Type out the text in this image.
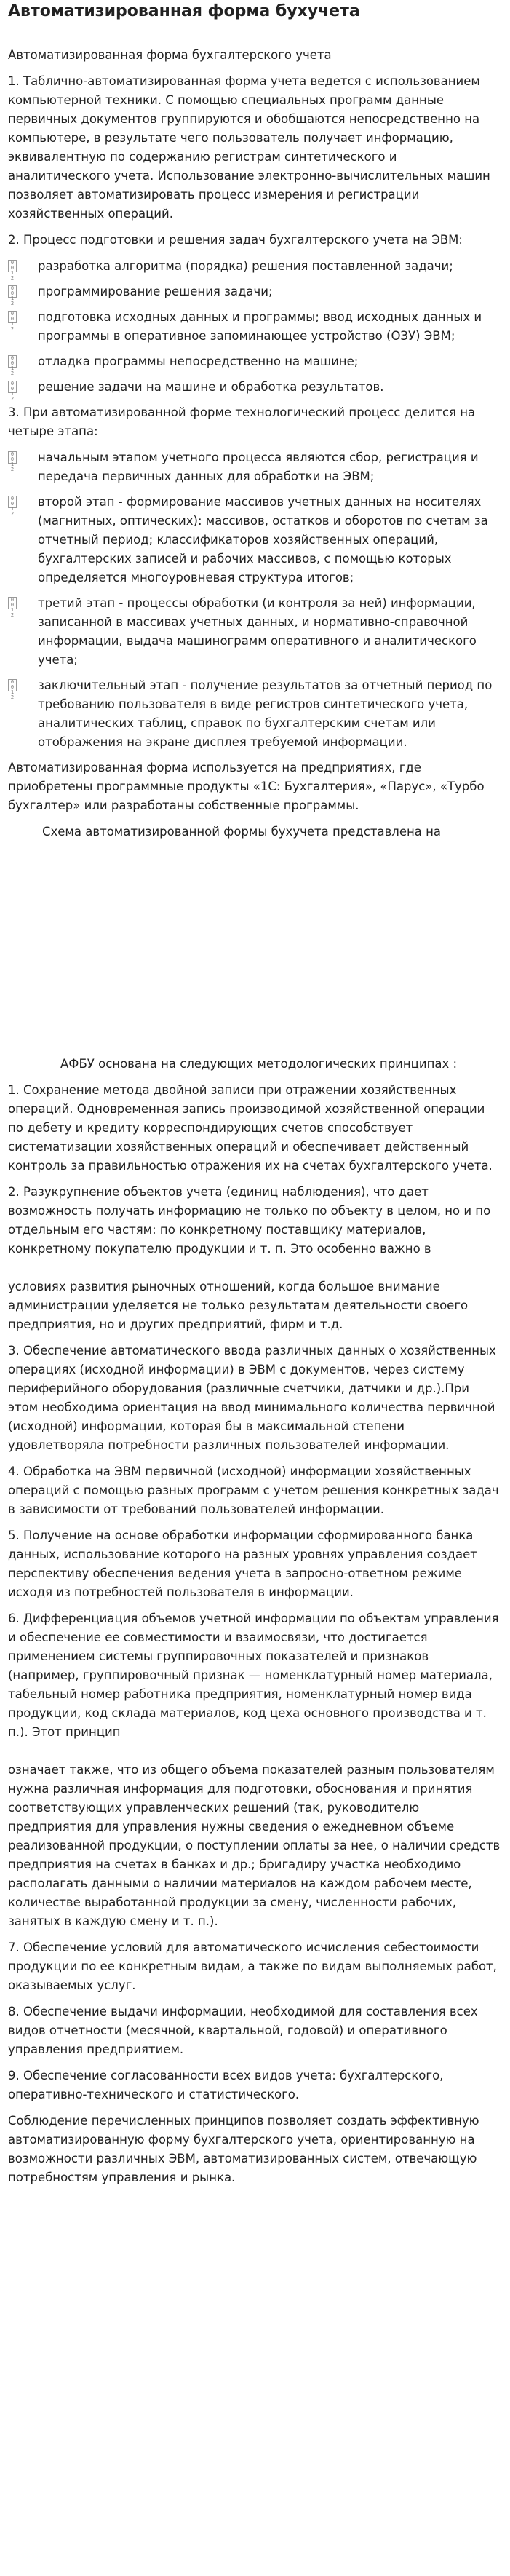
Автоматизированная форма бухучета

Автоматизированная форма бухгалтерского учета

1. Таблично-автоматизированная форма учета ведется с использованием компьютерной техники. С помощью специальных программ данные первичных документов группируются и обобщаются непосредственно на компьютере, в результате чего пользователь получает информацию, эквивалентную по содержанию регистрам синтетического и аналитического учета. Использование электронно-вычислительных машин позволяет автоматизировать процесс измерения и регистрации хозяйственных операций.

2. Процесс подготовки и решения задач бухгалтерского учета на ЭВМ:

0 0 1 2
разработка алгоритма (порядка) решения поставленной задачи;
0 0 1 2
программирование решения задачи;
0 0 1 2
подготовка исходных данных и программы; ввод исходных данных и программы в оперативное запоминающее устройство (ОЗУ) ЭВМ;
0 0 1 2
отладка программы непосредственно на машине;
0 0 1 2
решение задачи на машине и обработка результатов.

3. При автоматизированной форме технологический процесс делится на четыре этапа:

0 0 1 2
начальным этапом учетного процесса являются сбор, регистрация и передача первичных данных для обработки на ЭВМ;
0 0 1 2
второй этап - формирование массивов учетных данных на носителях (магнитных, оптических): массивов, остатков и оборотов по счетам за отчетный период; классификаторов хозяйственных операций, бухгалтерских записей и рабочих массивов, с помощью которых определяется многоуровневая структура итогов;
0 0 1 2
третий этап - процессы обработки (и контроля за ней) информации, записанной в массивах учетных данных, и нормативно-справочной информации, выдача машинограмм оперативного и аналитического учета;
0 0 1 2
заключительный этап - получение результатов за отчетный период по требованию пользователя в виде регистров синтетического учета, аналитических таблиц, справок по бухгалтерским счетам или отображения на экране дисплея требуемой информации.

Автоматизированная форма используется на предприятиях, где приобретены программные продукты «1С: Бухгалтерия», «Парус», «Турбо бухгалтер» или разработаны собственные программы.

Схема автоматизированной формы бухучета представлена на

АФБУ основана на следующих методологических принципах :

1. Сохранение метода двойной записи при отражении хозяйственных операций. Одновременная запись производимой хозяйственной операции по дебету и кредиту корреспондирующих счетов способствует систематизации хозяйственных операций и обеспечивает действенный контроль за правильностью отражения их на счетах бухгалтерского учета.

2. Разукрупнение объектов учета (единиц наблюдения), что дает возможность получать информацию не только по объекту в целом, но и по отдельным его частям: по конкретному поставщику материалов, конкретному покупателю продукции и т. п. Это особенно важно в

условиях развития рыночных отношений, когда большое внимание администрации уделяется не только результатам деятельности своего предприятия, но и других предприятий, фирм и т.д.

3. Обеспечение автоматического ввода различных данных о хозяйственных операциях (исходной информации) в ЭВМ с документов, через систему периферийного оборудования (различные счетчики, датчики и др.).При этом необходима ориентация на ввод минимального количества первичной (исходной) информации, которая бы в максимальной степени удовлетворяла потребности различных пользователей информации.

4. Обработка на ЭВМ первичной (исходной) информации хозяйственных операций с помощью разных программ с учетом решения конкретных задач в зависимости от требований пользователей информации.

5. Получение на основе обработки информации сформированного банка данных, использование которого на разных уровнях управления создает перспективу обеспечения ведения учета в запросно-ответном режиме исходя из потребностей пользователя в информации.

6. Дифференциация объемов учетной информации по объектам управления и обеспечение ее совместимости и взаимосвязи, что достигается применением системы группировочных показателей и признаков (например, группировочный признак — номенклатурный номер материала, табельный номер работника предприятия, номенклатурный номер вида продукции, код склада материалов, код цеха основного производства и т. п.). Этот принцип

означает также, что из общего объема показателей разным пользователям нужна различная информация для подготовки, обоснования и принятия соответствующих управленческих решений (так, руководителю предприятия для управления нужны сведения о ежедневном объеме реализованной продукции, о поступлении оплаты за нее, о наличии средств предприятия на счетах в банках и др.; бригадиру участка необходимо располагать данными о наличии материалов на каждом рабочем месте, количестве выработанной продукции за смену, численности рабочих, занятых в каждую смену и т. п.).

7. Обеспечение условий для автоматического исчисления себестоимости продукции по ее конкретным видам, а также по видам выполняемых работ, оказываемых услуг.

8. Обеспечение выдачи информации, необходимой для составления всех видов отчетности (месячной, квартальной, годовой) и оперативного управления предприятием.

9. Обеспечение согласованности всех видов учета: бухгалтерского, оперативно-технического и статистического.

Соблюдение перечисленных принципов позволяет создать эффективную автоматизированную форму бухгалтерского учета, ориентированную на возможности различных ЭВМ, автоматизированных систем, отвечающую потребностям управления и рынка.
